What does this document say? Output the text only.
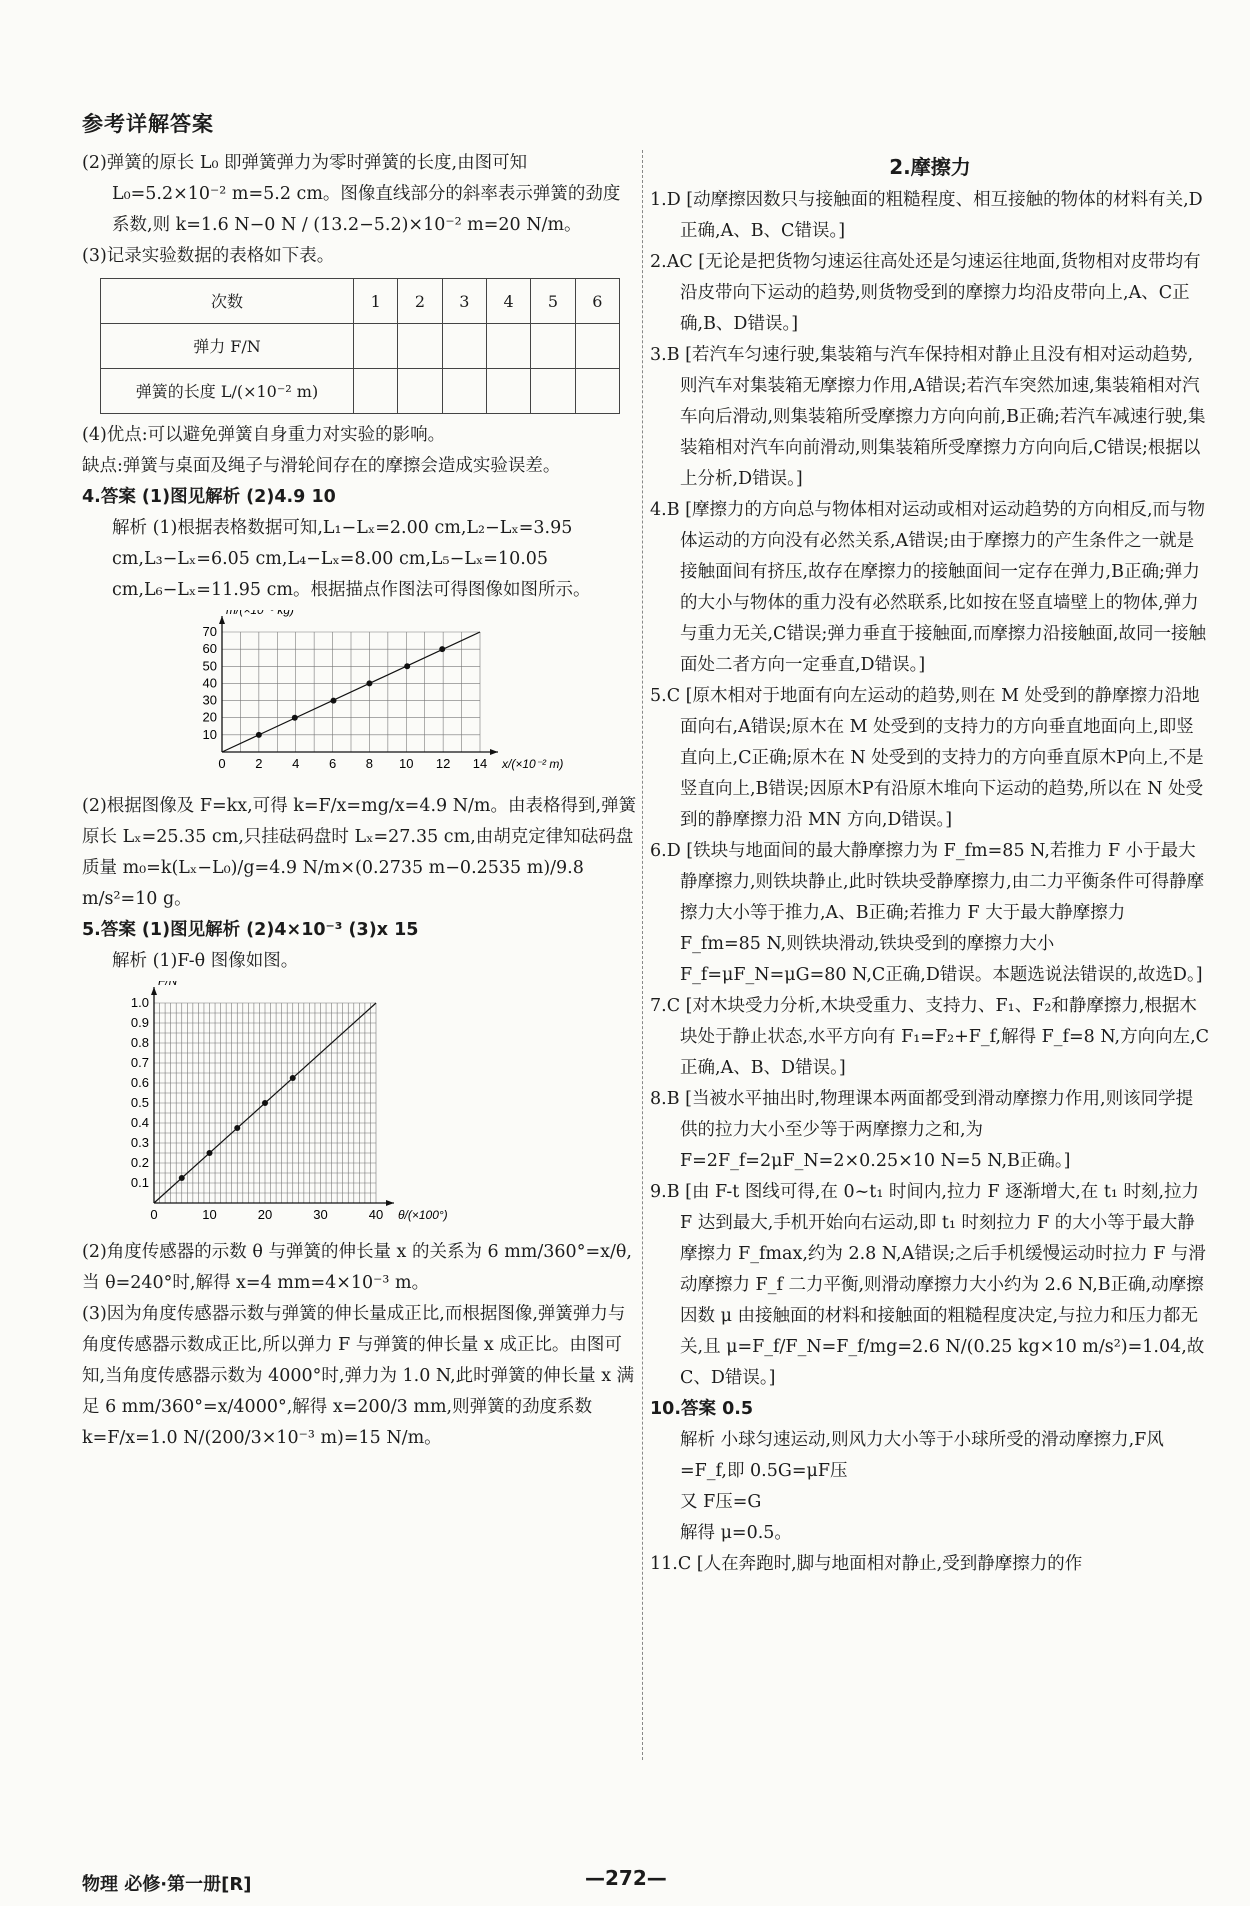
参考详解答案

(2)弹簧的原长 L₀ 即弹簧弹力为零时弹簧的长度,由图可知 L₀=5.2×10⁻² m=5.2 cm。图像直线部分的斜率表示弹簧的劲度系数,则 k=1.6 N−0 N / (13.2−5.2)×10⁻² m=20 N/m。

(3)记录实验数据的表格如下表。

次数	1	2	3	4	5	6
弹力 F/N						
弹簧的长度 L/(×10⁻² m)						

(4)优点:可以避免弹簧自身重力对实验的影响。

缺点:弹簧与桌面及绳子与滑轮间存在的摩擦会造成实验误差。

4.答案 (1)图见解析 (2)4.9 10

解析 (1)根据表格数据可知,L₁−Lₓ=2.00 cm,L₂−Lₓ=3.95 cm,L₃−Lₓ=6.05 cm,L₄−Lₓ=8.00 cm,L₅−Lₓ=10.05 cm,L₆−Lₓ=11.95 cm。根据描点作图法可得图像如图所示。

0 2 4 6 8 10 12 14
10
20
30
40
50
60
70
x/(×10⁻² m)
m/(×10⁻³ kg)

(2)根据图像及 F=kx,可得 k=F/x=mg/x=4.9 N/m。由表格得到,弹簧原长 Lₓ=25.35 cm,只挂砝码盘时 Lₓ=27.35 cm,由胡克定律知砝码盘质量 m₀=k(Lₓ−L₀)/g=4.9 N/m×(0.2735 m−0.2535 m)/9.8 m/s²=10 g。

5.答案 (1)图见解析 (2)4×10⁻³ (3)x 15

解析 (1)F-θ 图像如图。

0	10	20	30	40
0.1
0.2
0.3
0.4
0.5
0.6
0.7
0.8
0.9
1.0
θ/(×100°)
F/N

(2)角度传感器的示数 θ 与弹簧的伸长量 x 的关系为 6 mm/360°=x/θ,当 θ=240°时,解得 x=4 mm=4×10⁻³ m。

(3)因为角度传感器示数与弹簧的伸长量成正比,而根据图像,弹簧弹力与角度传感器示数成正比,所以弹力 F 与弹簧的伸长量 x 成正比。由图可知,当角度传感器示数为 4000°时,弹力为 1.0 N,此时弹簧的伸长量 x 满足 6 mm/360°=x/4000°,解得 x=200/3 mm,则弹簧的劲度系数 k=F/x=1.0 N/(200/3×10⁻³ m)=15 N/m。

2.摩擦力

1.D [动摩擦因数只与接触面的粗糙程度、相互接触的物体的材料有关,D正确,A、B、C错误。]

2.AC [无论是把货物匀速运往高处还是匀速运往地面,货物相对皮带均有沿皮带向下运动的趋势,则货物受到的摩擦力均沿皮带向上,A、C正确,B、D错误。]

3.B [若汽车匀速行驶,集装箱与汽车保持相对静止且没有相对运动趋势,则汽车对集装箱无摩擦力作用,A错误;若汽车突然加速,集装箱相对汽车向后滑动,则集装箱所受摩擦力方向向前,B正确;若汽车减速行驶,集装箱相对汽车向前滑动,则集装箱所受摩擦力方向向后,C错误;根据以上分析,D错误。]

4.B [摩擦力的方向总与物体相对运动或相对运动趋势的方向相反,而与物体运动的方向没有必然关系,A错误;由于摩擦力的产生条件之一就是接触面间有挤压,故存在摩擦力的接触面间一定存在弹力,B正确;弹力的大小与物体的重力没有必然联系,比如按在竖直墙壁上的物体,弹力与重力无关,C错误;弹力垂直于接触面,而摩擦力沿接触面,故同一接触面处二者方向一定垂直,D错误。]

5.C [原木相对于地面有向左运动的趋势,则在 M 处受到的静摩擦力沿地面向右,A错误;原木在 M 处受到的支持力的方向垂直地面向上,即竖直向上,C正确;原木在 N 处受到的支持力的方向垂直原木P向上,不是竖直向上,B错误;因原木P有沿原木堆向下运动的趋势,所以在 N 处受到的静摩擦力沿 MN 方向,D错误。]

6.D [铁块与地面间的最大静摩擦力为 F_fm=85 N,若推力 F 小于最大静摩擦力,则铁块静止,此时铁块受静摩擦力,由二力平衡条件可得静摩擦力大小等于推力,A、B正确;若推力 F 大于最大静摩擦力 F_fm=85 N,则铁块滑动,铁块受到的摩擦力大小 F_f=μF_N=μG=80 N,C正确,D错误。本题选说法错误的,故选D。]

7.C [对木块受力分析,木块受重力、支持力、F₁、F₂和静摩擦力,根据木块处于静止状态,水平方向有 F₁=F₂+F_f,解得 F_f=8 N,方向向左,C正确,A、B、D错误。]

8.B [当被水平抽出时,物理课本两面都受到滑动摩擦力作用,则该同学提供的拉力大小至少等于两摩擦力之和,为 F=2F_f=2μF_N=2×0.25×10 N=5 N,B正确。]

9.B [由 F-t 图线可得,在 0~t₁ 时间内,拉力 F 逐渐增大,在 t₁ 时刻,拉力 F 达到最大,手机开始向右运动,即 t₁ 时刻拉力 F 的大小等于最大静摩擦力 F_fmax,约为 2.8 N,A错误;之后手机缓慢运动时拉力 F 与滑动摩擦力 F_f 二力平衡,则滑动摩擦力大小约为 2.6 N,B正确,动摩擦因数 μ 由接触面的材料和接触面的粗糙程度决定,与拉力和压力都无关,且 μ=F_f/F_N=F_f/mg=2.6 N/(0.25 kg×10 m/s²)=1.04,故C、D错误。]

10.答案 0.5

解析 小球匀速运动,则风力大小等于小球所受的滑动摩擦力,F风=F_f,即 0.5G=μF压

又 F压=G

解得 μ=0.5。

11.C [人在奔跑时,脚与地面相对静止,受到静摩擦力的作

物理 必修·第一册[R]	—272—
